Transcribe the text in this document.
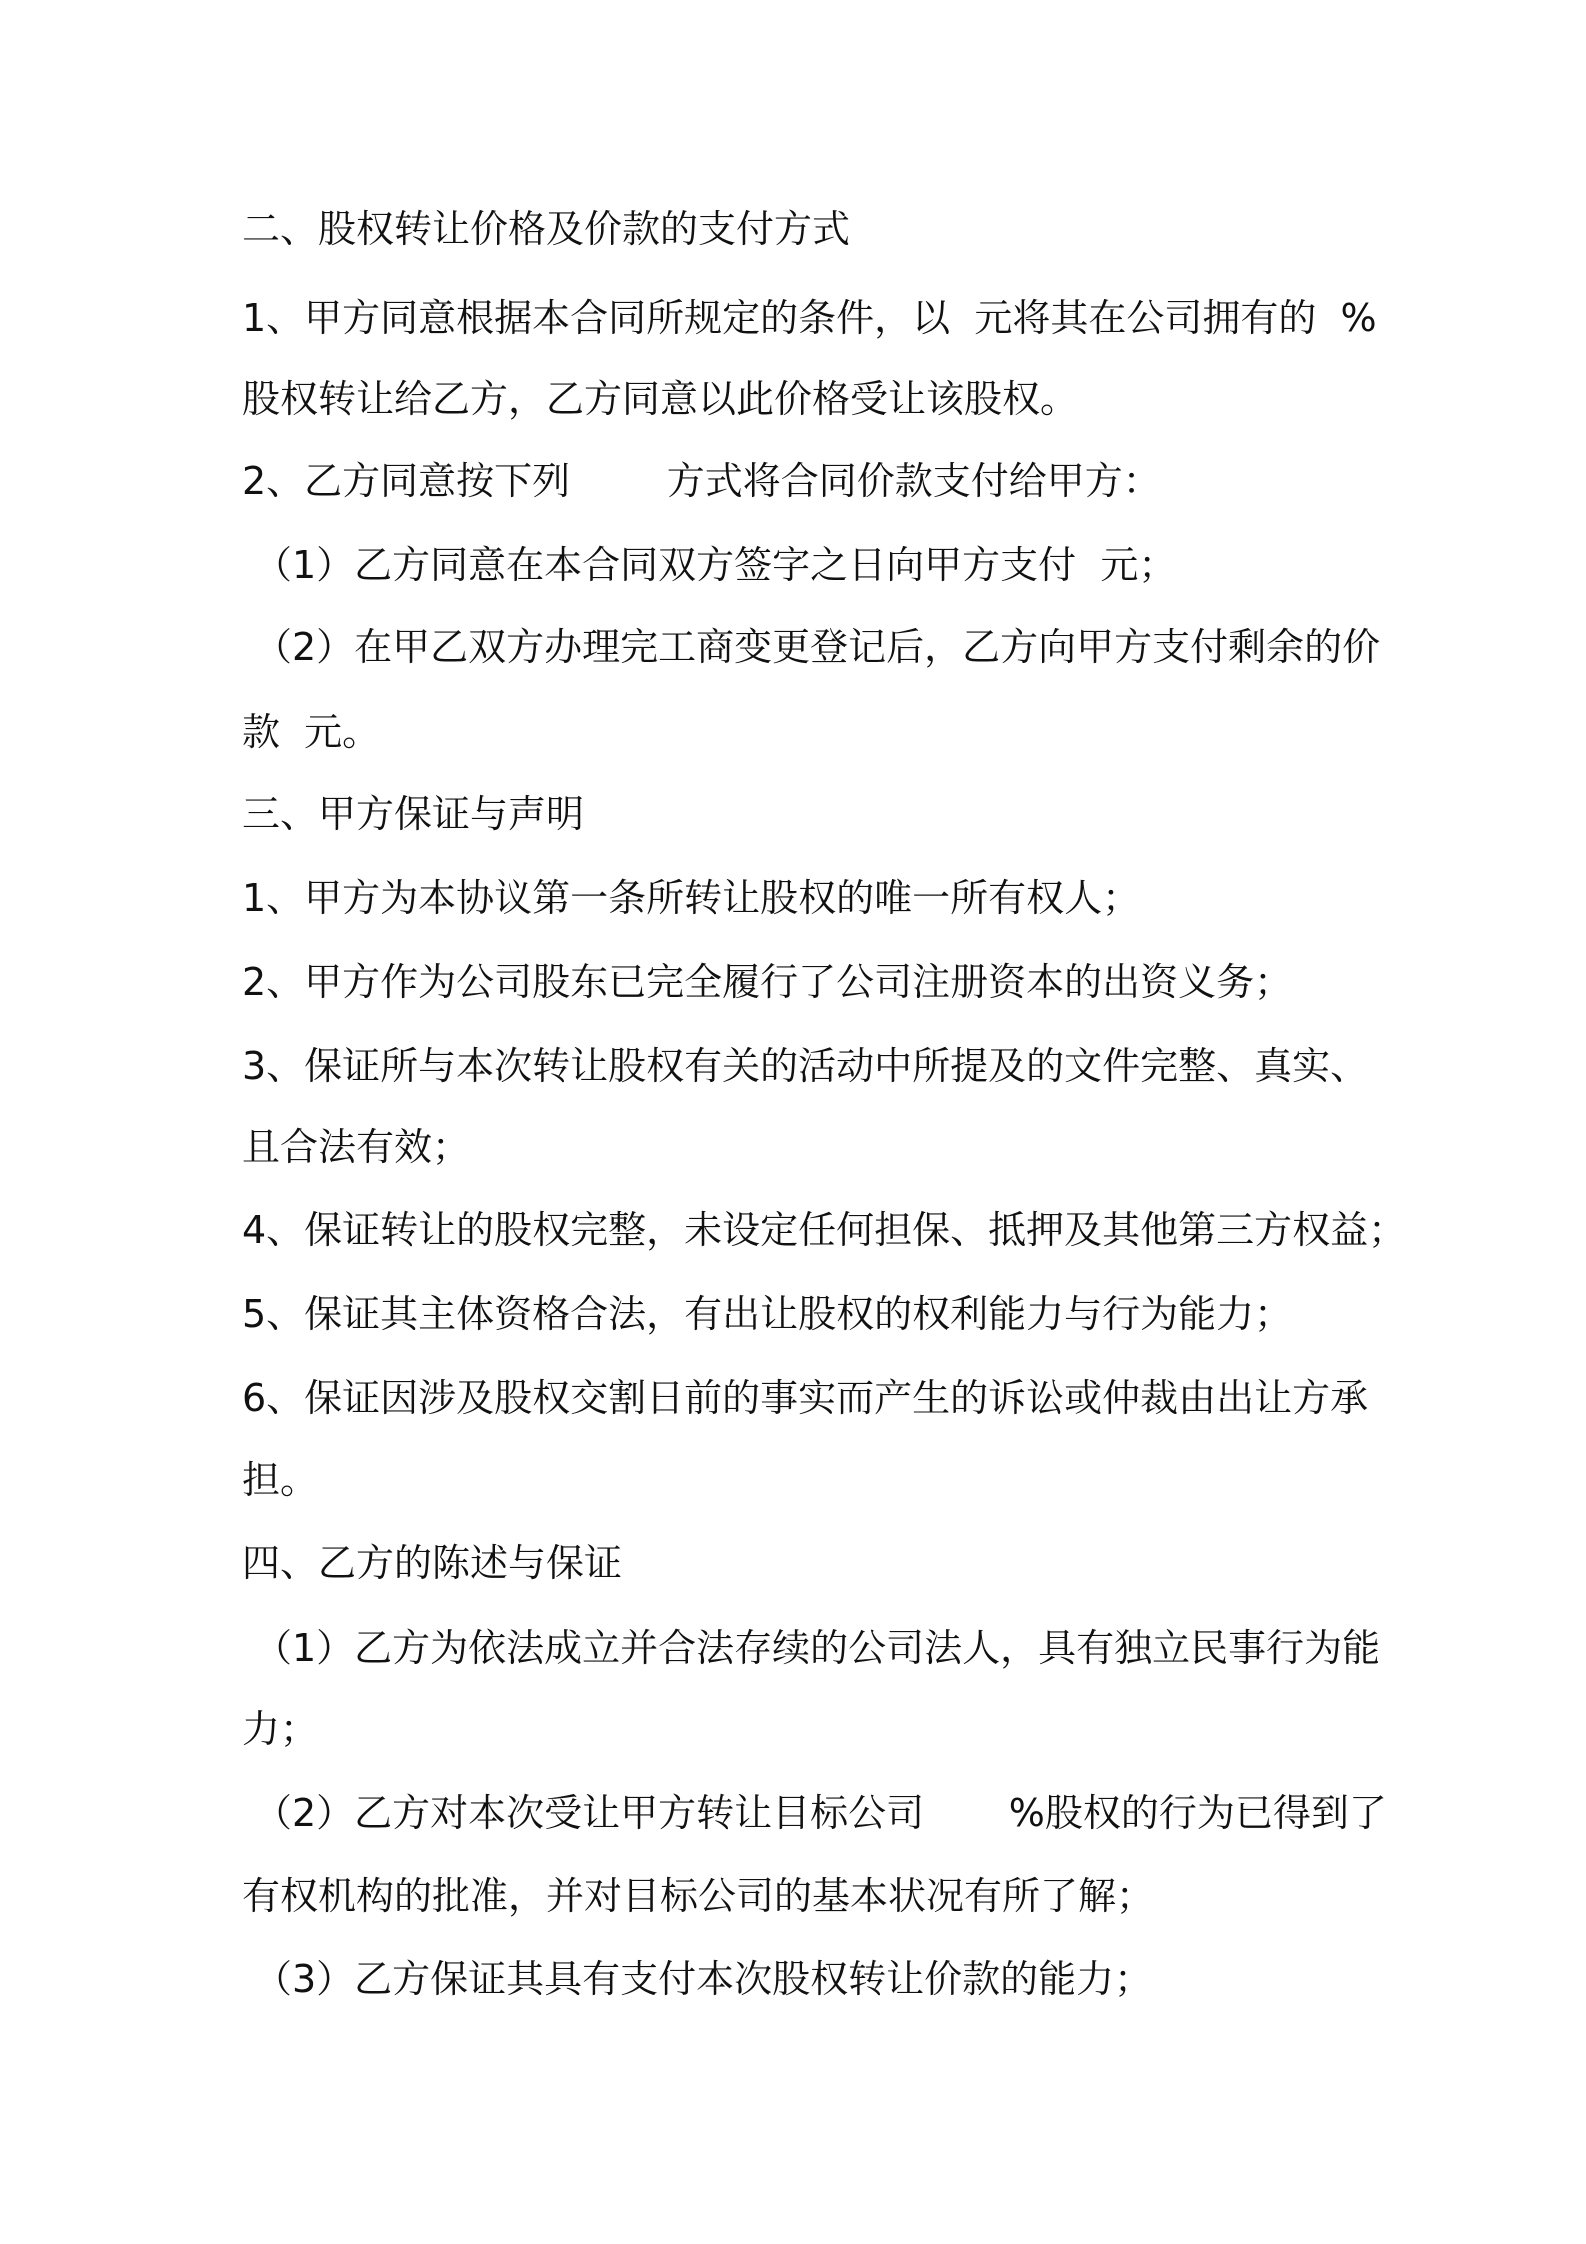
二、股权转让价格及价款的支付方式
1、甲方同意根据本合同所规定的条件，以  元将其在公司拥有的  %
股权转让给乙方，乙方同意以此价格受让该股权。
2、乙方同意按下列        方式将合同价款支付给甲方：
（1）乙方同意在本合同双方签字之日向甲方支付  元；
（2）在甲乙双方办理完工商变更登记后，乙方向甲方支付剩余的价
款  元。
三、甲方保证与声明
1、甲方为本协议第一条所转让股权的唯一所有权人；
2、甲方作为公司股东已完全履行了公司注册资本的出资义务；
3、保证所与本次转让股权有关的活动中所提及的文件完整、真实、
且合法有效；
4、保证转让的股权完整，未设定任何担保、抵押及其他第三方权益；
5、保证其主体资格合法，有出让股权的权利能力与行为能力；
6、保证因涉及股权交割日前的事实而产生的诉讼或仲裁由出让方承
担。
四、乙方的陈述与保证
（1）乙方为依法成立并合法存续的公司法人，具有独立民事行为能
力；
（2）乙方对本次受让甲方转让目标公司       %股权的行为已得到了
有权机构的批准，并对目标公司的基本状况有所了解；
（3）乙方保证其具有支付本次股权转让价款的能力；
